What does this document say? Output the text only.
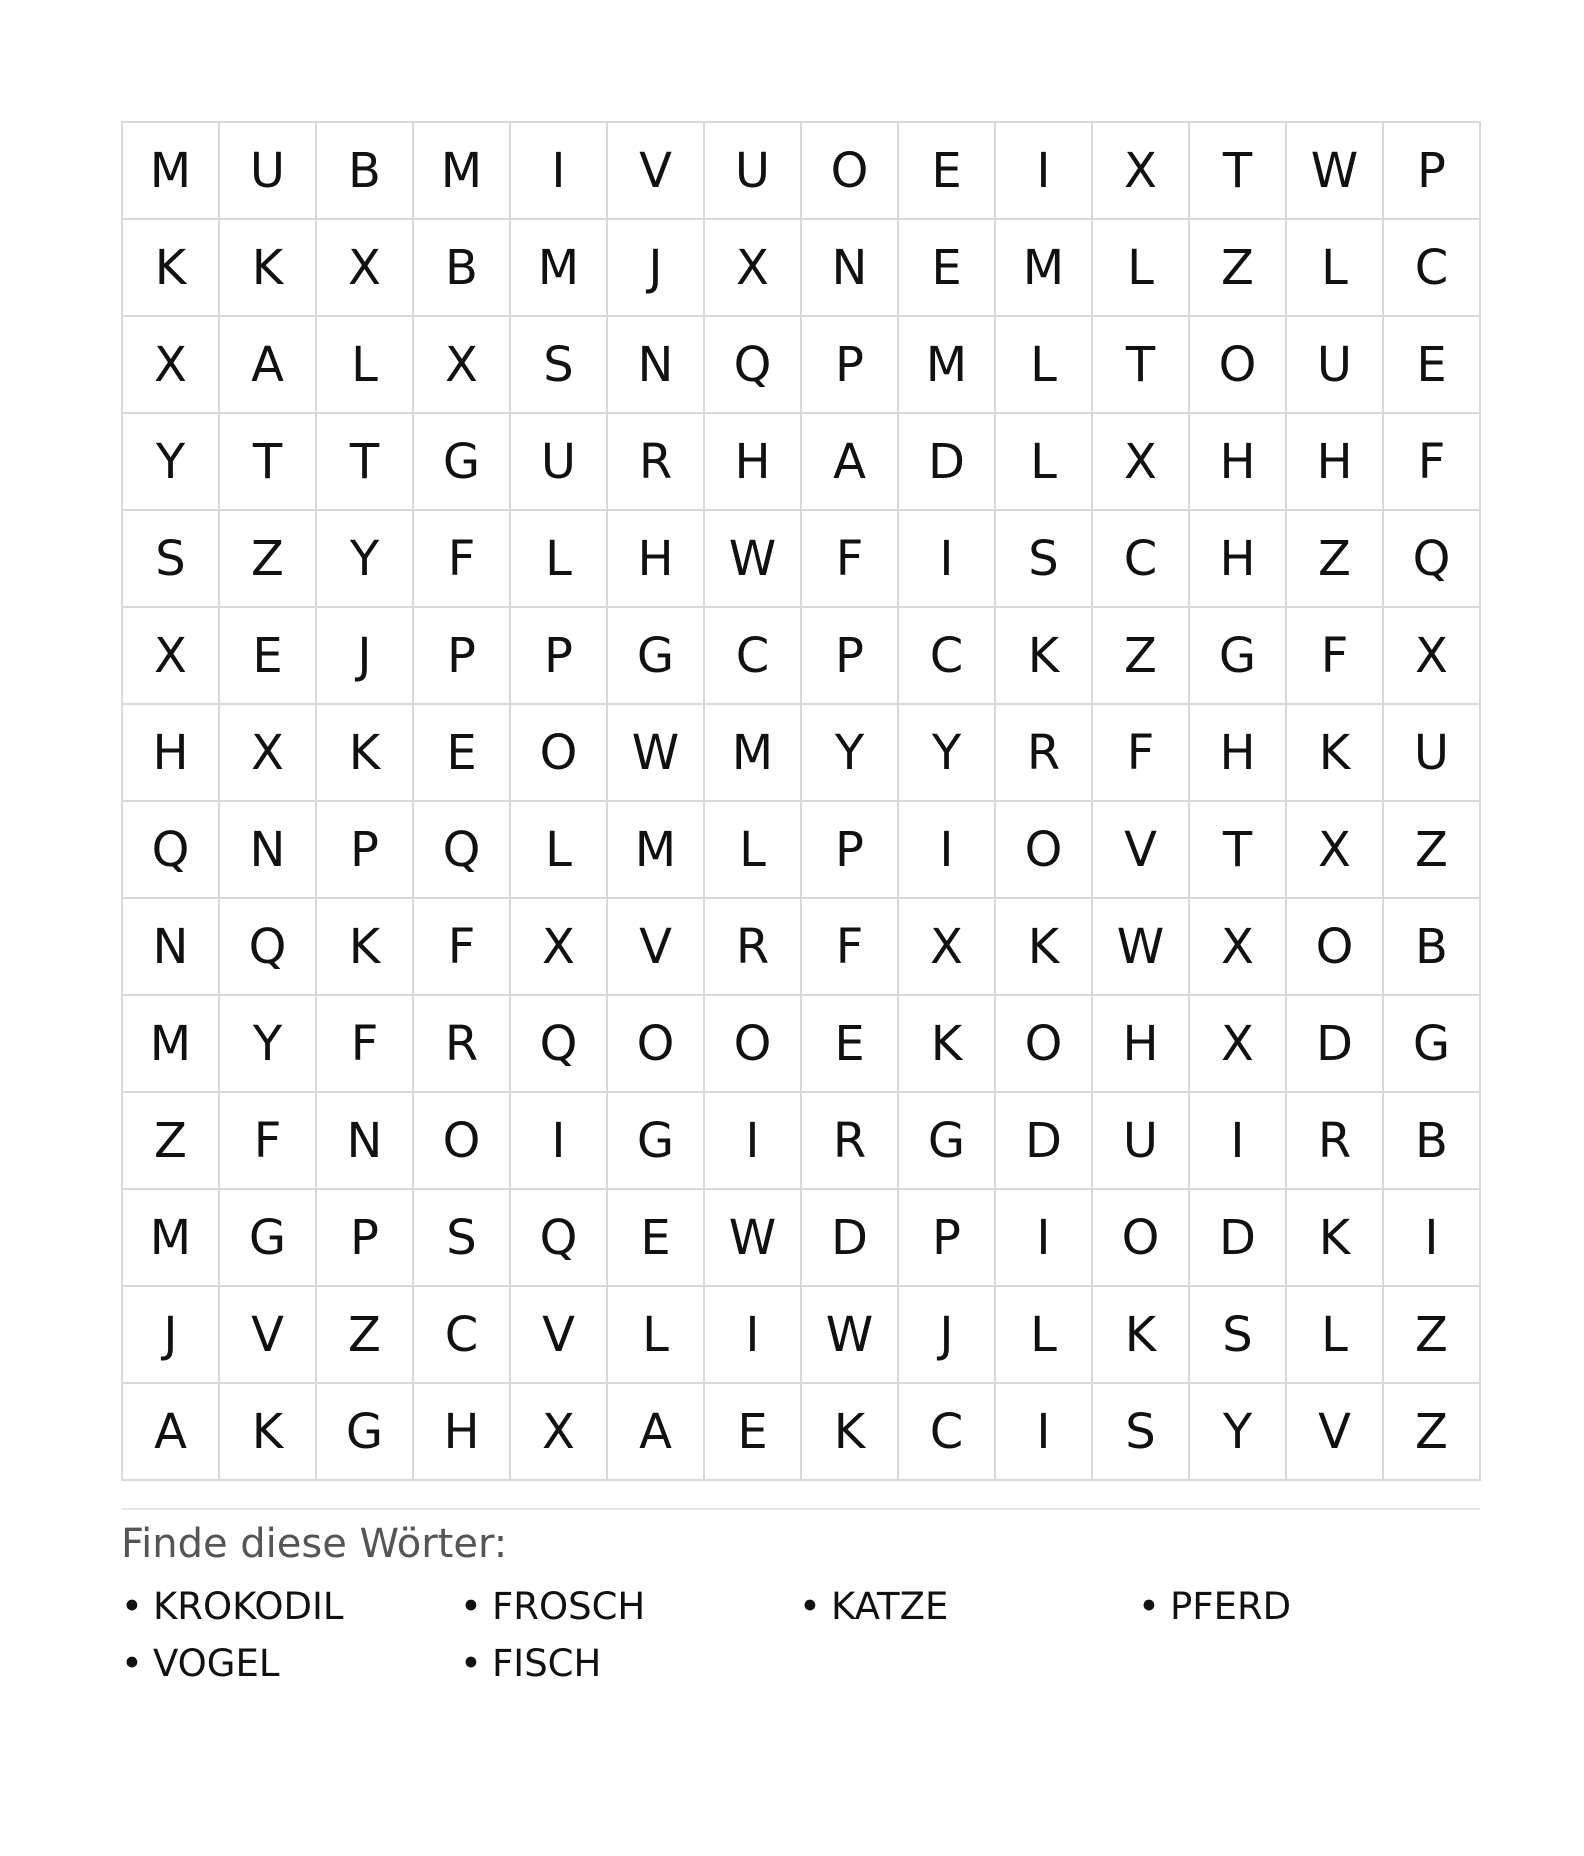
M	U	B	M	I	V	U	O	E	I	X	T	W	P
K	K	X	B	M	J	X	N	E	M	L	Z	L	C
X	A	L	X	S	N	Q	P	M	L	T	O	U	E
Y	T	T	G	U	R	H	A	D	L	X	H	H	F
S	Z	Y	F	L	H	W	F	I	S	C	H	Z	Q
X	E	J	P	P	G	C	P	C	K	Z	G	F	X
H	X	K	E	O	W	M	Y	Y	R	F	H	K	U
Q	N	P	Q	L	M	L	P	I	O	V	T	X	Z
N	Q	K	F	X	V	R	F	X	K	W	X	O	B
M	Y	F	R	Q	O	O	E	K	O	H	X	D	G
Z	F	N	O	I	G	I	R	G	D	U	I	R	B
M	G	P	S	Q	E	W	D	P	I	O	D	K	I
J	V	Z	C	V	L	I	W	J	L	K	S	L	Z
A	K	G	H	X	A	E	K	C	I	S	Y	V	Z

Finde diese Wörter:

• KROKODIL	• FROSCH	• KATZE	• PFERD
• VOGEL	• FISCH
